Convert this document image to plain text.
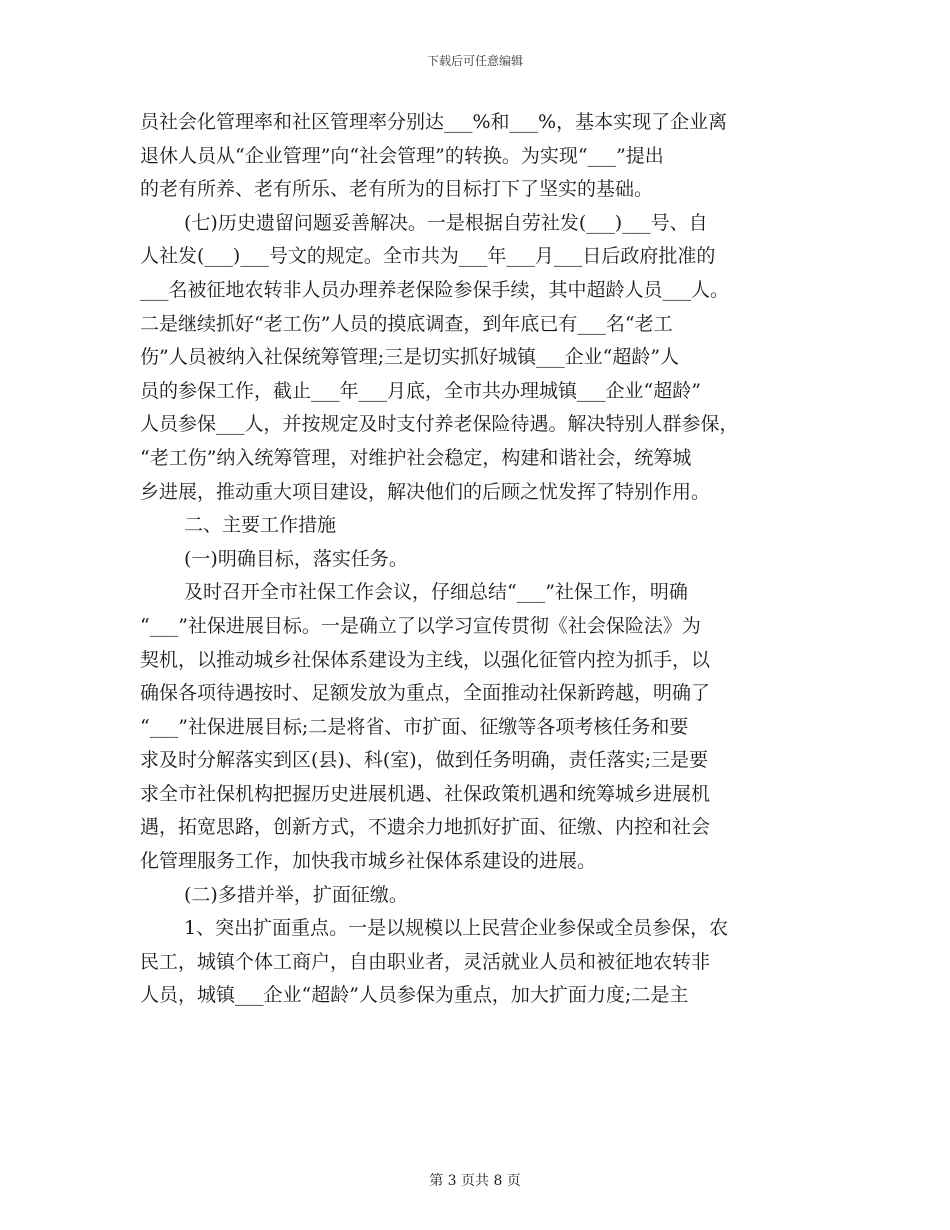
下载后可任意编辑
员社会化管理率和社区管理率分别达___%和___%，基本实现了企业离
退休人员从“企业管理”向“社会管理”的转换。为实现“___”提出
的老有所养、老有所乐、老有所为的目标打下了坚实的基础。
(七)历史遗留问题妥善解决。一是根据自劳社发(___)___号、自
人社发(___)___号文的规定。全市共为___年___月___日后政府批准的
___名被征地农转非人员办理养老保险参保手续，其中超龄人员___人。
二是继续抓好“老工伤”人员的摸底调查，到年底已有___名“老工
伤”人员被纳入社保统筹管理;三是切实抓好城镇___企业“超龄”人
员的参保工作，截止___年___月底，全市共办理城镇___企业“超龄”
人员参保___人，并按规定及时支付养老保险待遇。解决特别人群参保，
“老工伤”纳入统筹管理，对维护社会稳定，构建和谐社会，统筹城
乡进展，推动重大项目建设，解决他们的后顾之忧发挥了特别作用。
二、主要工作措施
(一)明确目标，落实任务。
及时召开全市社保工作会议，仔细总结“___”社保工作，明确
“___”社保进展目标。一是确立了以学习宣传贯彻《社会保险法》为
契机，以推动城乡社保体系建设为主线，以强化征管内控为抓手，以
确保各项待遇按时、足额发放为重点，全面推动社保新跨越，明确了
“___”社保进展目标;二是将省、市扩面、征缴等各项考核任务和要
求及时分解落实到区(县)、科(室)，做到任务明确，责任落实;三是要
求全市社保机构把握历史进展机遇、社保政策机遇和统筹城乡进展机
遇，拓宽思路，创新方式，不遗余力地抓好扩面、征缴、内控和社会
化管理服务工作，加快我市城乡社保体系建设的进展。
(二)多措并举，扩面征缴。
1、突出扩面重点。一是以规模以上民营企业参保或全员参保，农
民工，城镇个体工商户，自由职业者，灵活就业人员和被征地农转非
人员，城镇___企业“超龄”人员参保为重点，加大扩面力度;二是主
第 3 页共 8 页
